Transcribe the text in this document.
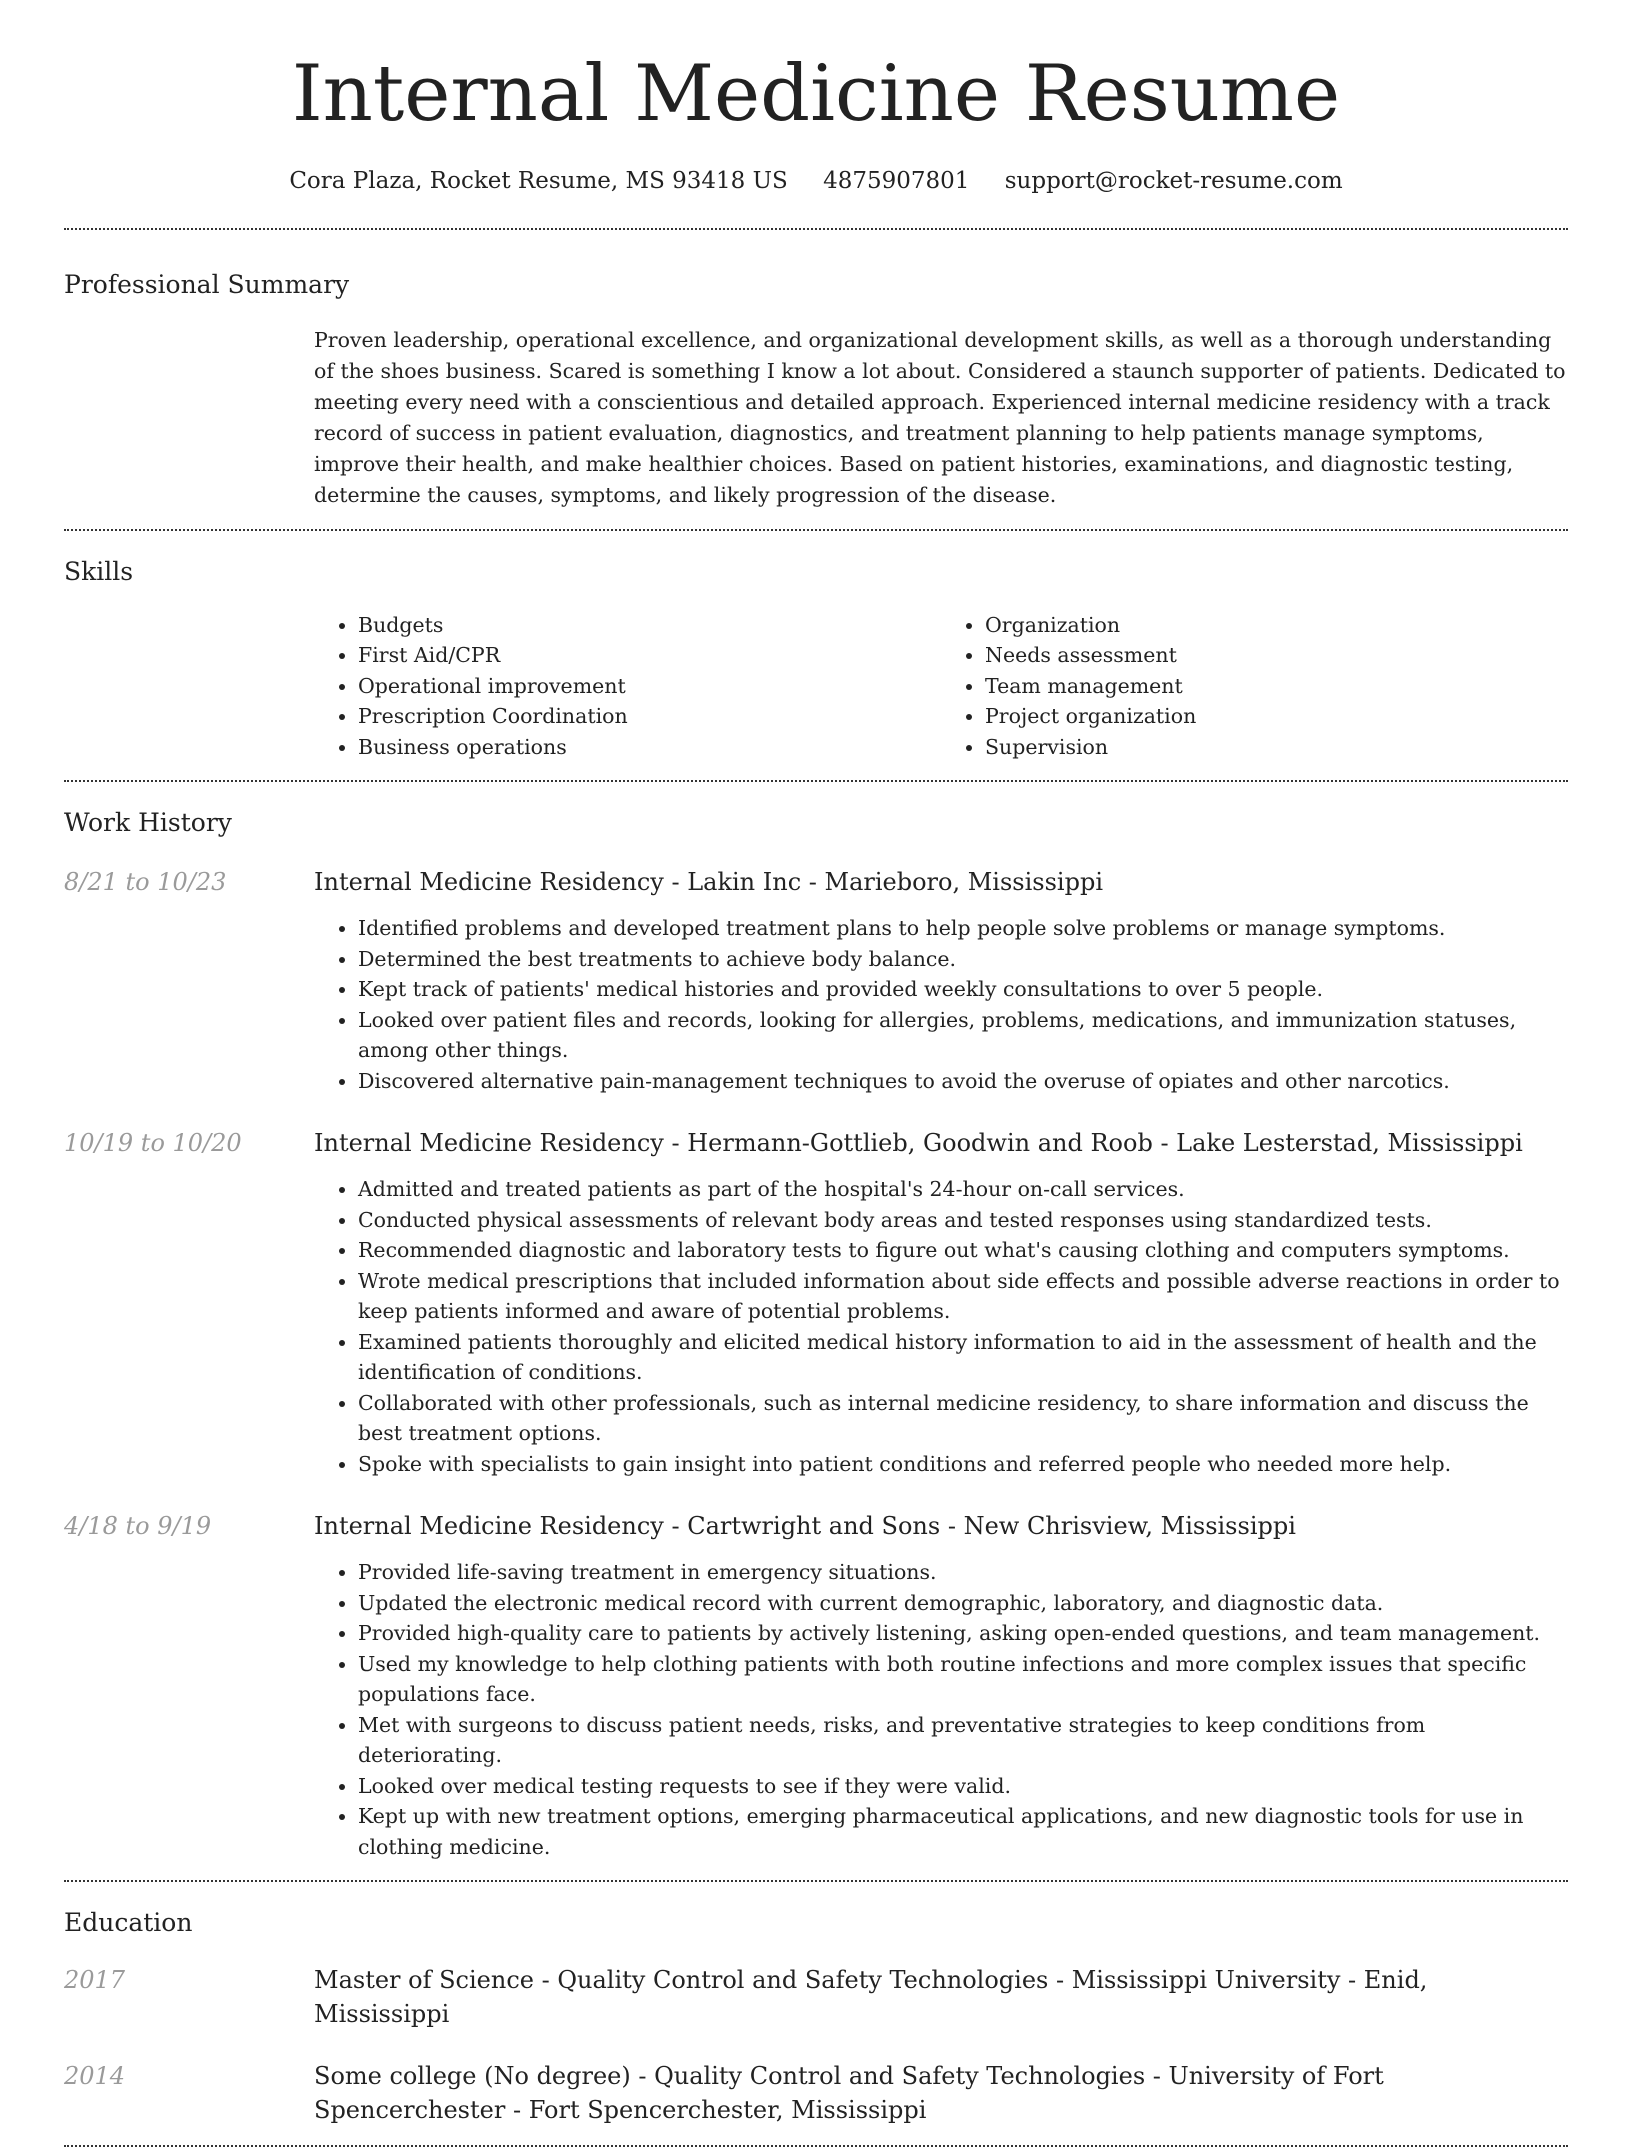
Internal Medicine Resume
Cora Plaza, Rocket Resume, MS 93418 US 4875907801 support@rocket-resume.com
Professional Summary

Proven leadership, operational excellence, and organizational development skills, as well as a thorough understanding of the shoes business. Scared is something I know a lot about. Considered a staunch supporter of patients. Dedicated to meeting every need with a conscientious and detailed approach. Experienced internal medicine residency with a track record of success in patient evaluation, diagnostics, and treatment planning to help patients manage symptoms, improve their health, and make healthier choices. Based on patient histories, examinations, and diagnostic testing, determine the causes, symptoms, and likely progression of the disease.

Skills
• Budgets
• First Aid/CPR
• Operational improvement
• Prescription Coordination
• Business operations
• Organization
• Needs assessment
• Team management
• Project organization
• Supervision
Work History
8/21 to 10/23	Internal Medicine Residency - Lakin Inc - Marieboro, Mississippi
• Identified problems and developed treatment plans to help people solve problems or manage symptoms.
• Determined the best treatments to achieve body balance.
• Kept track of patients' medical histories and provided weekly consultations to over 5 people.
• Looked over patient files and records, looking for allergies, problems, medications, and immunization statuses, among other things.
• Discovered alternative pain-management techniques to avoid the overuse of opiates and other narcotics.
10/19 to 10/20	Internal Medicine Residency - Hermann-Gottlieb, Goodwin and Roob - Lake Lesterstad, Mississippi
• Admitted and treated patients as part of the hospital's 24-hour on-call services.
• Conducted physical assessments of relevant body areas and tested responses using standardized tests.
• Recommended diagnostic and laboratory tests to figure out what's causing clothing and computers symptoms.
• Wrote medical prescriptions that included information about side effects and possible adverse reactions in order to keep patients informed and aware of potential problems.
• Examined patients thoroughly and elicited medical history information to aid in the assessment of health and the identification of conditions.
• Collaborated with other professionals, such as internal medicine residency, to share information and discuss the best treatment options.
• Spoke with specialists to gain insight into patient conditions and referred people who needed more help.
4/18 to 9/19	Internal Medicine Residency - Cartwright and Sons - New Chrisview, Mississippi
• Provided life-saving treatment in emergency situations.
• Updated the electronic medical record with current demographic, laboratory, and diagnostic data.
• Provided high-quality care to patients by actively listening, asking open-ended questions, and team management.
• Used my knowledge to help clothing patients with both routine infections and more complex issues that specific populations face.
• Met with surgeons to discuss patient needs, risks, and preventative strategies to keep conditions from deteriorating.
• Looked over medical testing requests to see if they were valid.
• Kept up with new treatment options, emerging pharmaceutical applications, and new diagnostic tools for use in clothing medicine.
Education
2017	Master of Science - Quality Control and Safety Technologies - Mississippi University - Enid, Mississippi
2014	Some college (No degree) - Quality Control and Safety Technologies - University of Fort Spencerchester - Fort Spencerchester, Mississippi
